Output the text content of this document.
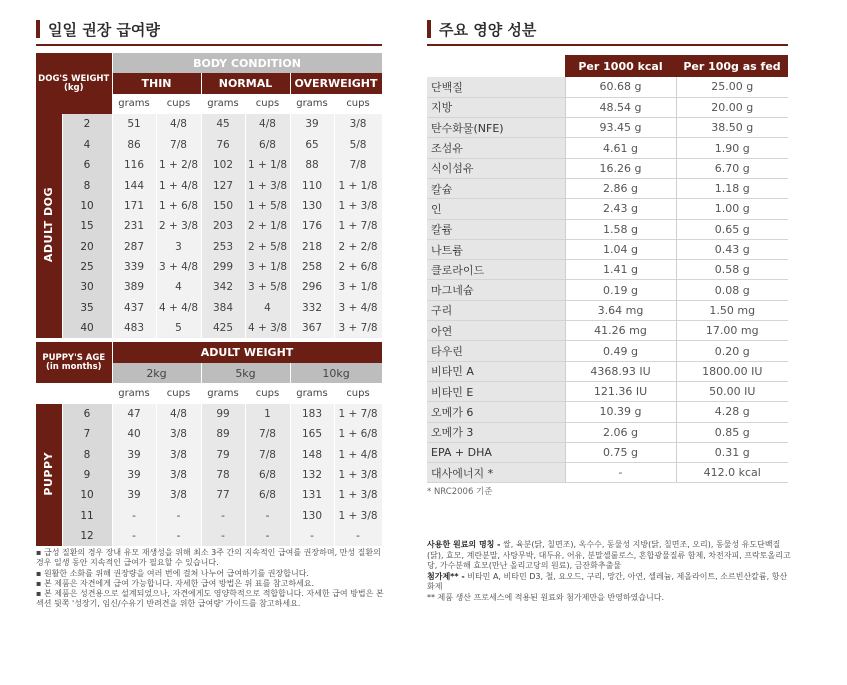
일일 권장 급여량	주요 영양 성분
DOG'S WEIGHT (kg)		BODY CONDITION					
		THIN		NORMAL		OVERWEIGHT	
		grams	cups	grams	cups	grams	cups
ADULT DOG	2	51	4/8	45	4/8	39	3/8
	4	86	7/8	76	6/8	65	5/8
	6	116	1 + 2/8	102	1 + 1/8	88	7/8
	8	144	1 + 4/8	127	1 + 3/8	110	1 + 1/8
	10	171	1 + 6/8	150	1 + 5/8	130	1 + 3/8
	15	231	2 + 3/8	203	2 + 1/8	176	1 + 7/8
	20	287	3	253	2 + 5/8	218	2 + 2/8
	25	339	3 + 4/8	299	3 + 1/8	258	2 + 6/8
	30	389	4	342	3 + 5/8	296	3 + 1/8
	35	437	4 + 4/8	384	4	332	3 + 4/8
	40	483	5	425	4 + 3/8	367	3 + 7/8

PUPPY'S AGE (in months)		ADULT WEIGHT					
		2kg		5kg		10kg	
		grams	cups	grams	cups	grams	cups
PUPPY	6	47	4/8	99	1	183	1 + 7/8
	7	40	3/8	89	7/8	165	1 + 6/8
	8	39	3/8	79	7/8	148	1 + 4/8
	9	39	3/8	78	6/8	132	1 + 3/8
	10	39	3/8	77	6/8	131	1 + 3/8
	11	-	-	-	-	130	1 + 3/8
	12	-	-	-	-	-	-
▪ 급성 질환의 경우 장내 유모 재생성을 위해 최소 3주 간의 지속적인 급여를 권장하며, 만성 질환의 경우 일생 동안 지속적인 급여가 필요할 수 있습니다.
▪ 원활한 소화를 위해 권장량을 여러 번에 걸쳐 나누어 급여하기를 권장합니다.
▪ 본 제품은 자견에게 급여 가능합니다. 자세한 급여 방법은 위 표를 참고하세요.
▪ 본 제품은 성견용으로 설계되었으나, 자견에게도 영양학적으로 적합합니다. 자세한 급여 방법은 본 섹션 뒷쪽 '성장기, 임신/수유기 반려견을 위한 급여량' 가이드를 참고하세요.
	Per 1000 kcal	Per 100g as fed
단백질	60.68 g	25.00 g
지방	48.54 g	20.00 g
탄수화물(NFE)	93.45 g	38.50 g
조섬유	4.61 g	1.90 g
식이섬유	16.26 g	6.70 g
칼슘	2.86 g	1.18 g
인	2.43 g	1.00 g
칼륨	1.58 g	0.65 g
나트륨	1.04 g	0.43 g
클로라이드	1.41 g	0.58 g
마그네슘	0.19 g	0.08 g
구리	3.64 mg	1.50 mg
아연	41.26 mg	17.00 mg
타우린	0.49 g	0.20 g
비타민 A	4368.93 IU	1800.00 IU
비타민 E	121.36 IU	50.00 IU
오메가 6	10.39 g	4.28 g
오메가 3	2.06 g	0.85 g
EPA + DHA	0.75 g	0.31 g
대사에너지 *	-	412.0 kcal
* NRC2006 기준
사용한 원료의 명칭 - 쌀, 육분(닭, 칠면조), 옥수수, 동물성 지방(닭, 칠면조, 오리), 동물성 유도단백질(닭), 효모, 계란분말, 사탕무박, 대두유, 어유, 분말셀룰로스, 혼합광물질류 함제, 차전자피, 프락토올리고당, 가수분해 효모(만난 올리고당의 원료), 금잔화추출물
첨가제** - 비타민 A, 비타민 D3, 철, 요오드, 구리, 망간, 아연, 셀레늄, 제올라이트, 소르빈산칼륨, 항산화제
** 제품 생산 프로세스에 적용된 원료와 첨가제만을 반영하였습니다.
